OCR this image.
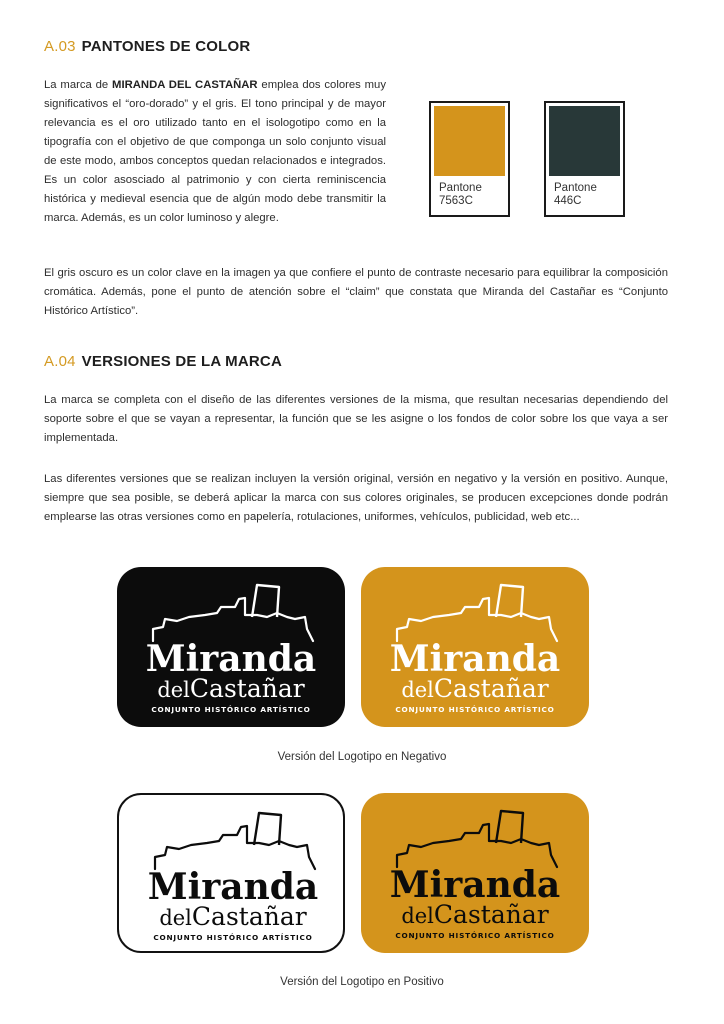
A.03 PANTONES DE COLOR
La marca de MIRANDA DEL CASTAÑAR emplea dos colores muy significativos el “oro-dorado” y el gris. El tono principal y de mayor relevancia es el oro utilizado tanto en el isologotipo como en la tipografía con el objetivo de que componga un solo conjunto visual de este modo, ambos conceptos quedan relacionados e integrados. Es un color asosciado al patrimonio y con cierta reminiscencia histórica y medieval esencia que de algún modo debe transmitir la marca. Además, es un color luminoso y alegre.
Pantone
7563C
Pantone
446C
El gris oscuro es un color clave en la imagen ya que confiere el punto de contraste necesario para equilibrar la composición cromática. Además, pone el punto de atención sobre el “claim” que constata que Miranda del Castañar es “Conjunto Histórico Artístico”.
A.04 VERSIONES DE LA MARCA
La marca se completa con el diseño de las diferentes versiones de la misma, que resultan necesarias dependiendo del soporte sobre el que se vayan a representar, la función que se les asigne o los fondos de color sobre los que vaya a ser implementada.
Las diferentes versiones que se realizan incluyen la versión original, versión en negativo y la versión en positivo. Aunque, siempre que sea posible, se deberá aplicar la marca con sus colores originales, se producen excepciones donde podrán emplearse las otras versiones como en papelería, rotulaciones, uniformes, vehículos, publicidad, web etc...
Miranda
delCastañar
CONJUNTO HISTÓRICO ARTÍSTICO
Miranda
delCastañar
CONJUNTO HISTÓRICO ARTÍSTICO
Versión del Logotipo en Negativo
Miranda
delCastañar
CONJUNTO HISTÓRICO ARTÍSTICO
Miranda
delCastañar
CONJUNTO HISTÓRICO ARTÍSTICO
Versión del Logotipo en Positivo
